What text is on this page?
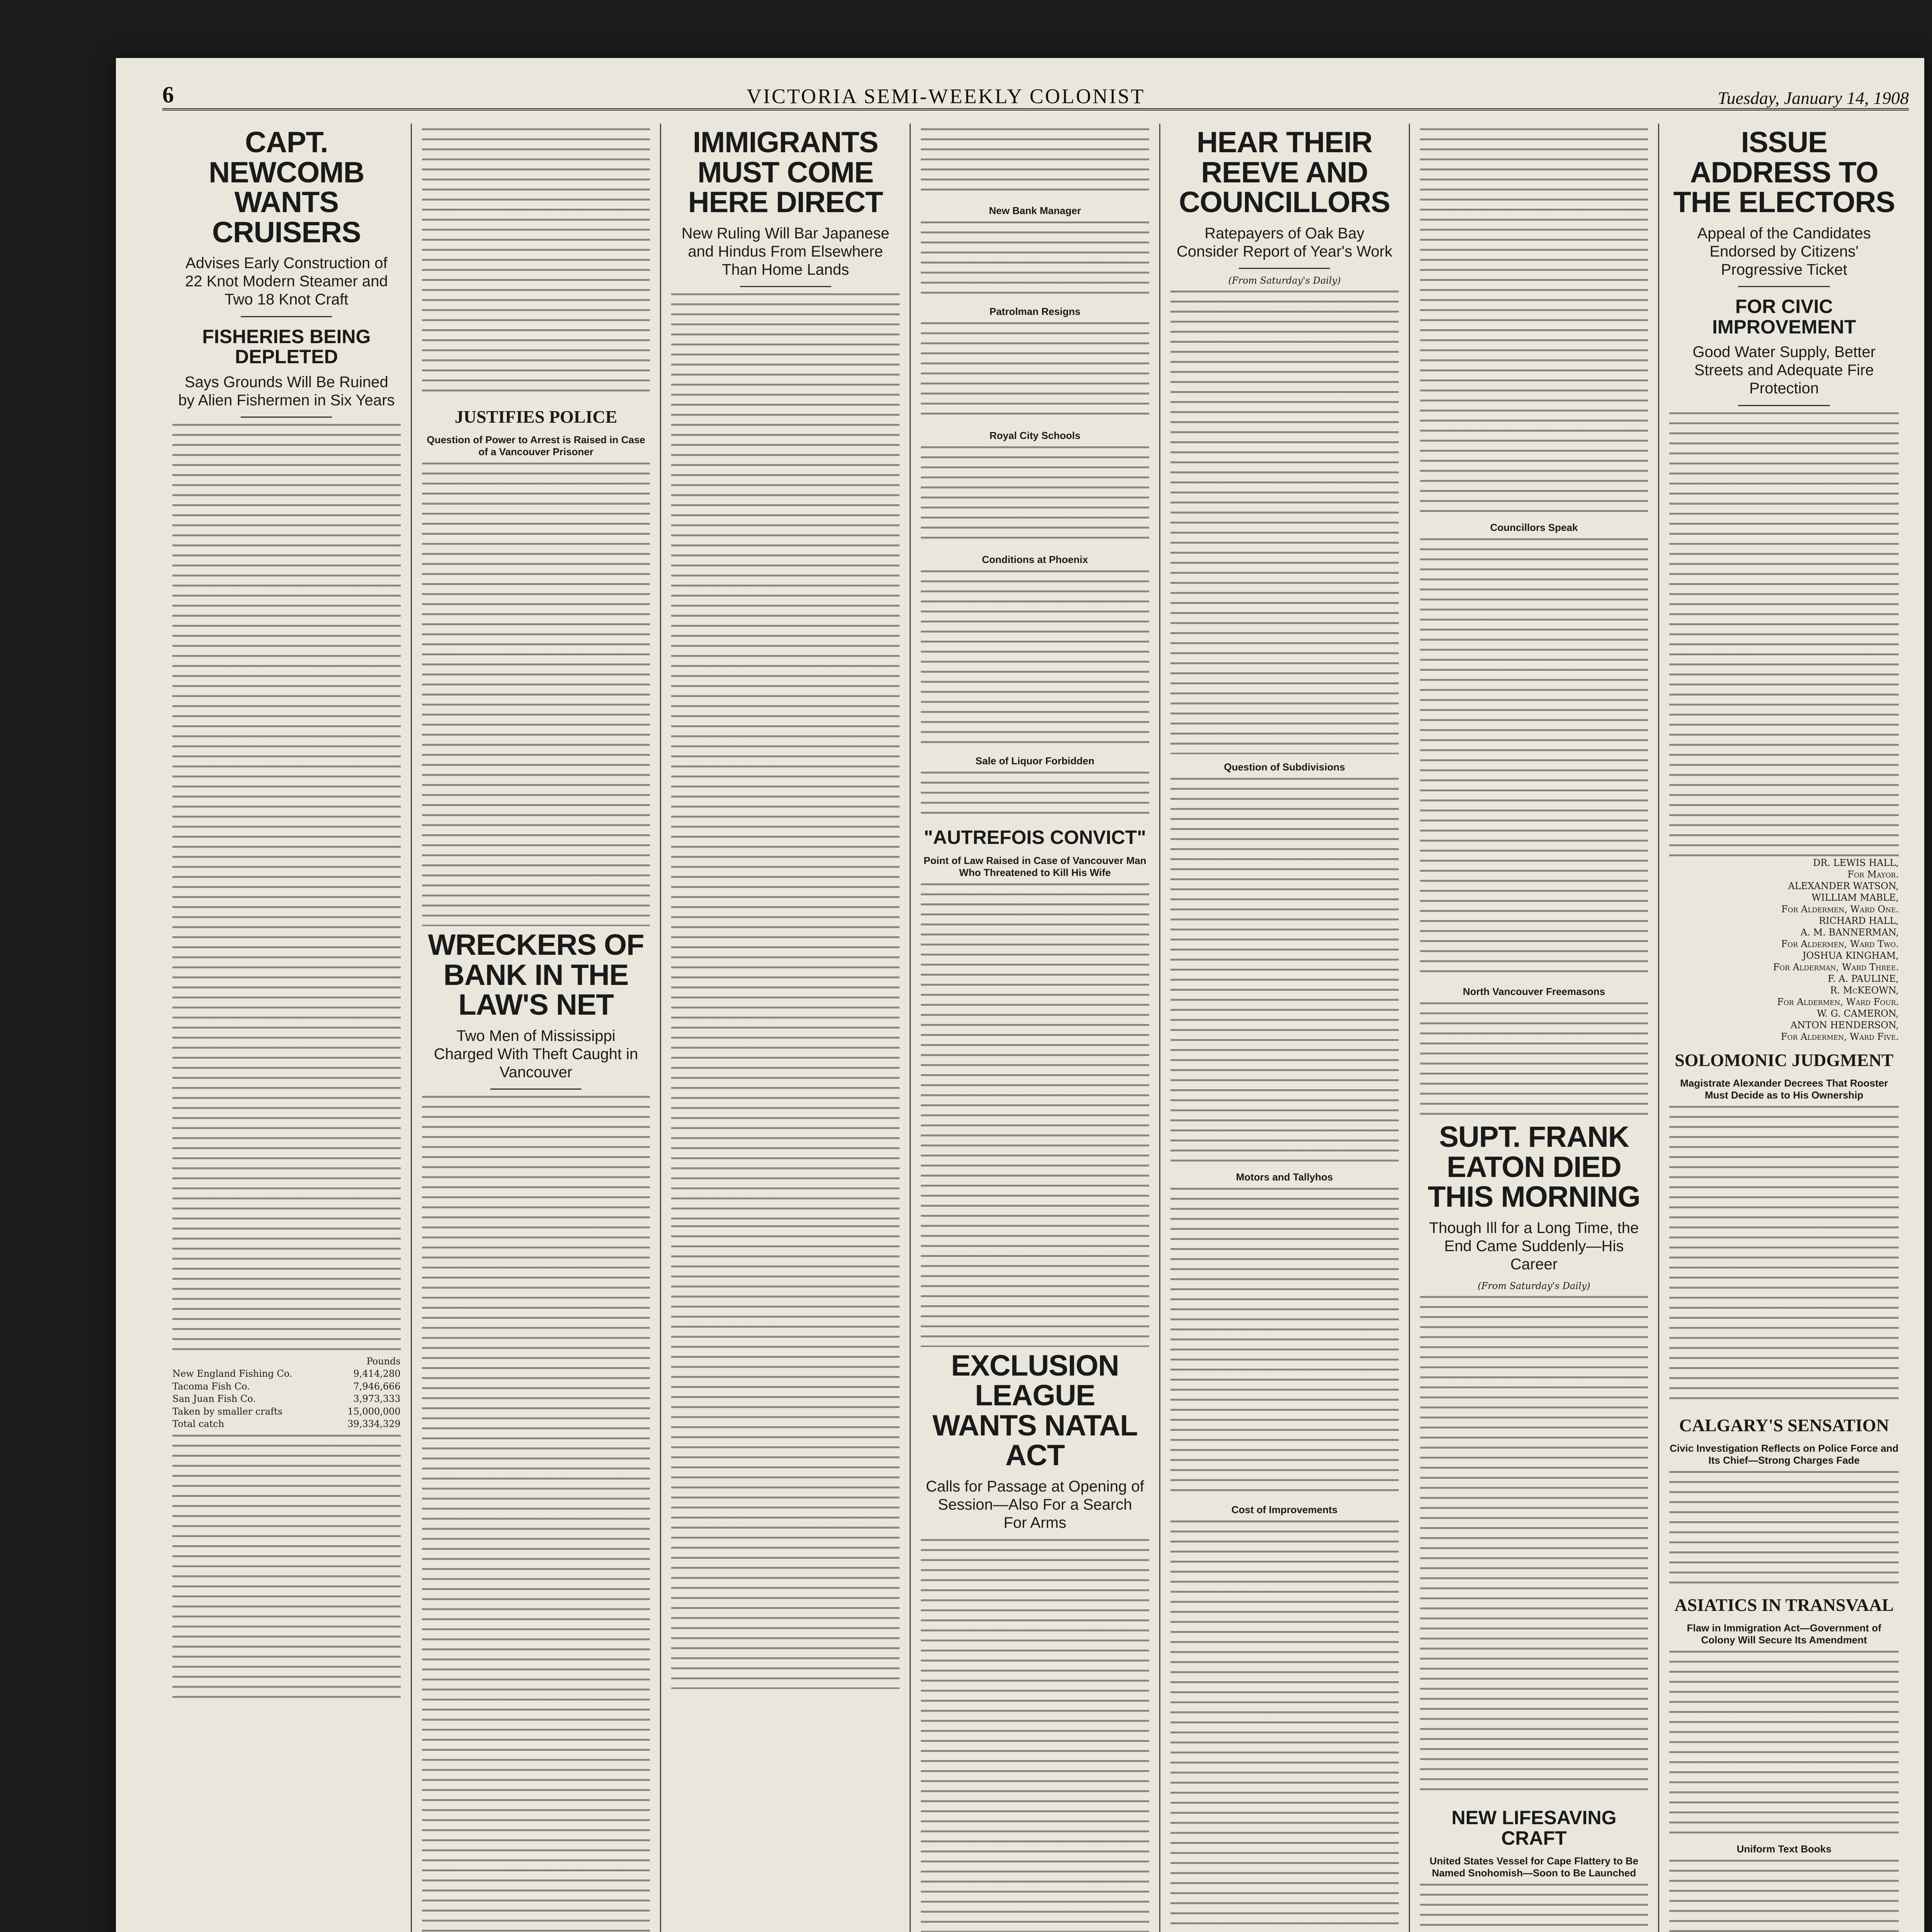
6	VICTORIA SEMI-WEEKLY COLONIST	Tuesday, January 14, 1908
CAPT. NEWCOMB WANTS CRUISERS
Advises Early Construction of 22 Knot Modern Steamer and Two 18 Knot Craft
FISHERIES BEING DEPLETED
Says Grounds Will Be Ruined by Alien Fishermen in Six Years
Pounds
New England Fishing Co.	9,414,280
Tacoma Fish Co.	7,946,666
San Juan Fish Co.	3,973,333
Taken by smaller crafts	15,000,000
Total catch	39,334,329
JUSTIFIES POLICE
Question of Power to Arrest is Raised in Case of a Vancouver Prisoner
WRECKERS OF BANK IN THE LAW'S NET
Two Men of Mississippi Charged With Theft Caught in Vancouver
IMMIGRANTS MUST COME HERE DIRECT
New Ruling Will Bar Japanese and Hindus From Elsewhere Than Home Lands
New Bank Manager
Patrolman Resigns
Royal City Schools
Conditions at Phoenix
Sale of Liquor Forbidden
"AUTREFOIS CONVICT"
Point of Law Raised in Case of Vancouver Man Who Threatened to Kill His Wife
EXCLUSION LEAGUE WANTS NATAL ACT
Calls for Passage at Opening of Session—Also For a Search For Arms
HEAR THEIR REEVE AND COUNCILLORS
Ratepayers of Oak Bay Consider Report of Year's Work
(From Saturday's Daily)
Question of Subdivisions
Motors and Tallyhos
Cost of Improvements
Councillors Speak
North Vancouver Freemasons
SUPT. FRANK EATON DIED THIS MORNING
Though Ill for a Long Time, the End Came Suddenly—His Career
(From Saturday's Daily)
NEW LIFESAVING CRAFT
United States Vessel for Cape Flattery to Be Named Snohomish—Soon to Be Launched
ISSUE ADDRESS TO THE ELECTORS
Appeal of the Candidates Endorsed by Citizens' Progressive Ticket
FOR CIVIC IMPROVEMENT
Good Water Supply, Better Streets and Adequate Fire Protection
DR. LEWIS HALL,
For Mayor.
ALEXANDER WATSON,
WILLIAM MABLE,
For Aldermen, Ward One.
RICHARD HALL,
A. M. BANNERMAN,
For Aldermen, Ward Two.
JOSHUA KINGHAM,
For Alderman, Ward Three.
F. A. PAULINE,
R. McKEOWN,
For Aldermen, Ward Four.
W. G. CAMERON,
ANTON HENDERSON,
For Aldermen, Ward Five.
SOLOMONIC JUDGMENT
Magistrate Alexander Decrees That Rooster Must Decide as to His Ownership
CALGARY'S SENSATION
Civic Investigation Reflects on Police Force and Its Chief—Strong Charges Fade
ASIATICS IN TRANSVAAL
Flaw in Immigration Act—Government of Colony Will Secure Its Amendment
Uniform Text Books
